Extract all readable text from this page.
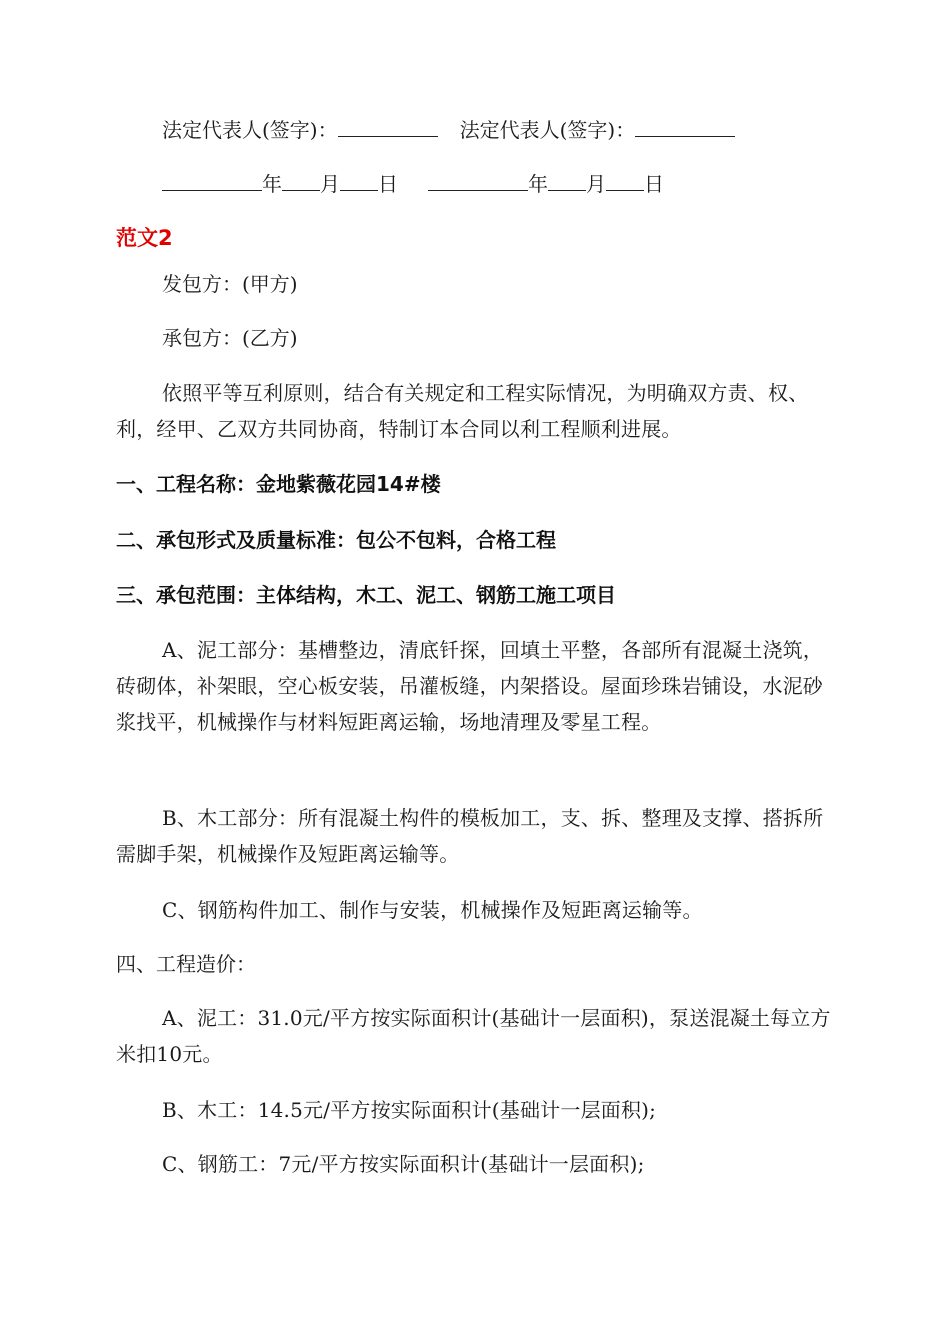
法定代表人(签字)：	法定代表人(签字)：
年 月 日	年 月 日
范文2
发包方：(甲方)
承包方：(乙方)
依照平等互利原则，结合有关规定和工程实际情况，为明确双方责、权、利，经甲、乙双方共同协商，特制订本合同以利工程顺利进展。
一、工程名称：金地紫薇花园14#楼
二、承包形式及质量标准：包公不包料，合格工程
三、承包范围：主体结构，木工、泥工、钢筋工施工项目
A、泥工部分：基槽整边，清底钎探，回填土平整，各部所有混凝土浇筑，砖砌体，补架眼，空心板安装，吊灌板缝，内架搭设。屋面珍珠岩铺设，水泥砂浆找平，机械操作与材料短距离运输，场地清理及零星工程。
B、木工部分：所有混凝土构件的模板加工，支、拆、整理及支撑、搭拆所需脚手架，机械操作及短距离运输等。
C、钢筋构件加工、制作与安装，机械操作及短距离运输等。
四、工程造价：
A、泥工：31.0元/平方按实际面积计(基础计一层面积)，泵送混凝土每立方米扣10元。
B、木工：14.5元/平方按实际面积计(基础计一层面积);
C、钢筋工：7元/平方按实际面积计(基础计一层面积);
